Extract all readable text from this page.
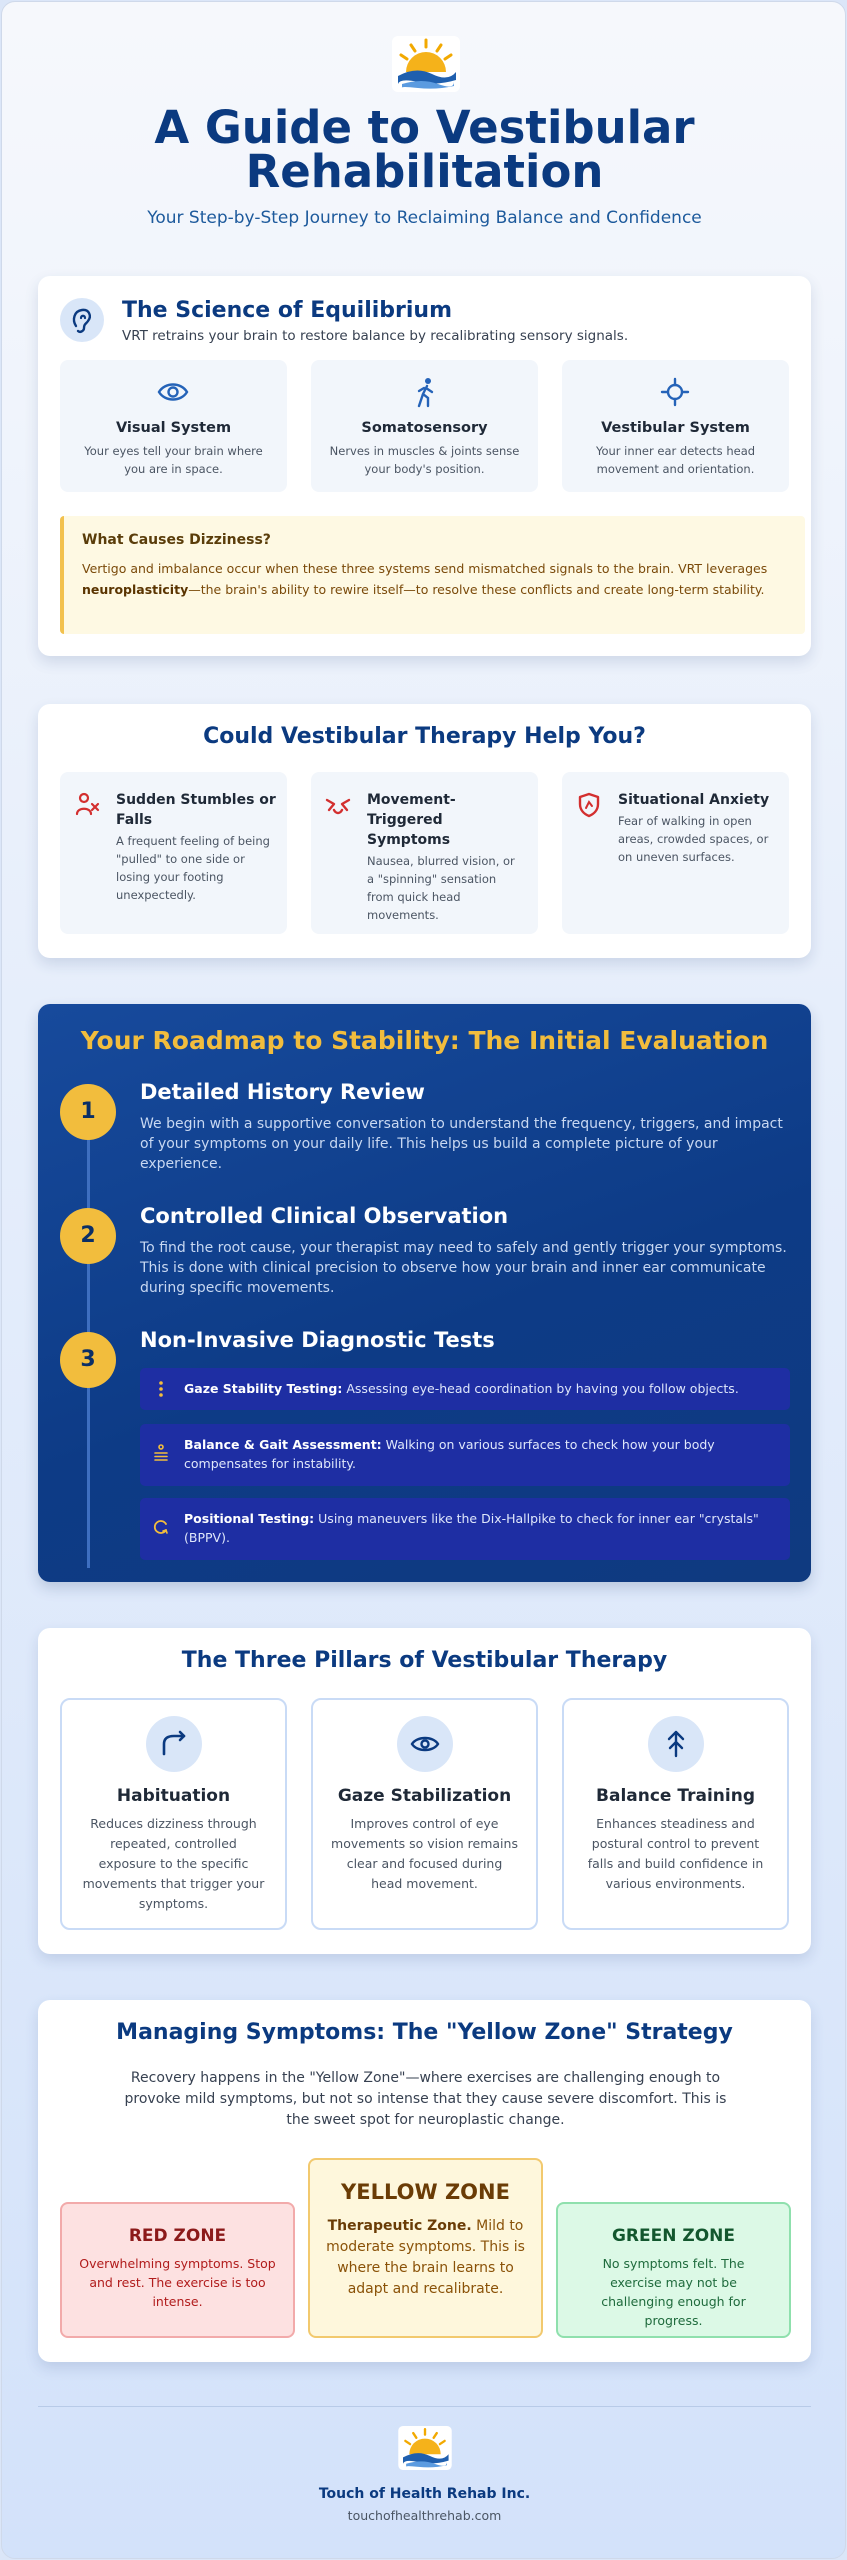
A Guide to Vestibular
Rehabilitation
Your Step-by-Step Journey to Reclaiming Balance and Confidence
The Science of Equilibrium
VRT retrains your brain to restore balance by recalibrating sensory signals.
Visual System
Your eyes tell your brain where you are in space.
Somatosensory
Nerves in muscles & joints sense your body's position.
Vestibular System
Your inner ear detects head movement and orientation.
What Causes Dizziness?
Vertigo and imbalance occur when these three systems send mismatched signals to the brain. VRT leverages neuroplasticity—the brain's ability to rewire itself—to resolve these conflicts and create long-term stability.
Could Vestibular Therapy Help You?
Sudden Stumbles or Falls
A frequent feeling of being "pulled" to one side or losing your footing unexpectedly.
Movement-Triggered Symptoms
Nausea, blurred vision, or a "spinning" sensation from quick head movements.
Situational Anxiety
Fear of walking in open areas, crowded spaces, or on uneven surfaces.
Your Roadmap to Stability: The Initial Evaluation
1
Detailed History Review
We begin with a supportive conversation to understand the frequency, triggers, and impact of your symptoms on your daily life. This helps us build a complete picture of your experience.
2
Controlled Clinical Observation
To find the root cause, your therapist may need to safely and gently trigger your symptoms. This is done with clinical precision to observe how your brain and inner ear communicate during specific movements.
3
Non-Invasive Diagnostic Tests
Gaze Stability Testing: Assessing eye-head coordination by having you follow objects.
Balance & Gait Assessment: Walking on various surfaces to check how your body compensates for instability.
Positional Testing: Using maneuvers like the Dix-Hallpike to check for inner ear "crystals" (BPPV).
The Three Pillars of Vestibular Therapy
Habituation
Reduces dizziness through repeated, controlled exposure to the specific movements that trigger your symptoms.
Gaze Stabilization
Improves control of eye movements so vision remains clear and focused during head movement.
Balance Training
Enhances steadiness and postural control to prevent falls and build confidence in various environments.
Managing Symptoms: The "Yellow Zone" Strategy
Recovery happens in the "Yellow Zone"—where exercises are challenging enough to provoke mild symptoms, but not so intense that they cause severe discomfort. This is the sweet spot for neuroplastic change.
RED ZONE
Overwhelming symptoms. Stop and rest. The exercise is too intense.
YELLOW ZONE
Therapeutic Zone. Mild to moderate symptoms. This is where the brain learns to adapt and recalibrate.
GREEN ZONE
No symptoms felt. The exercise may not be challenging enough for progress.
Touch of Health Rehab Inc.
touchofhealthrehab.com
